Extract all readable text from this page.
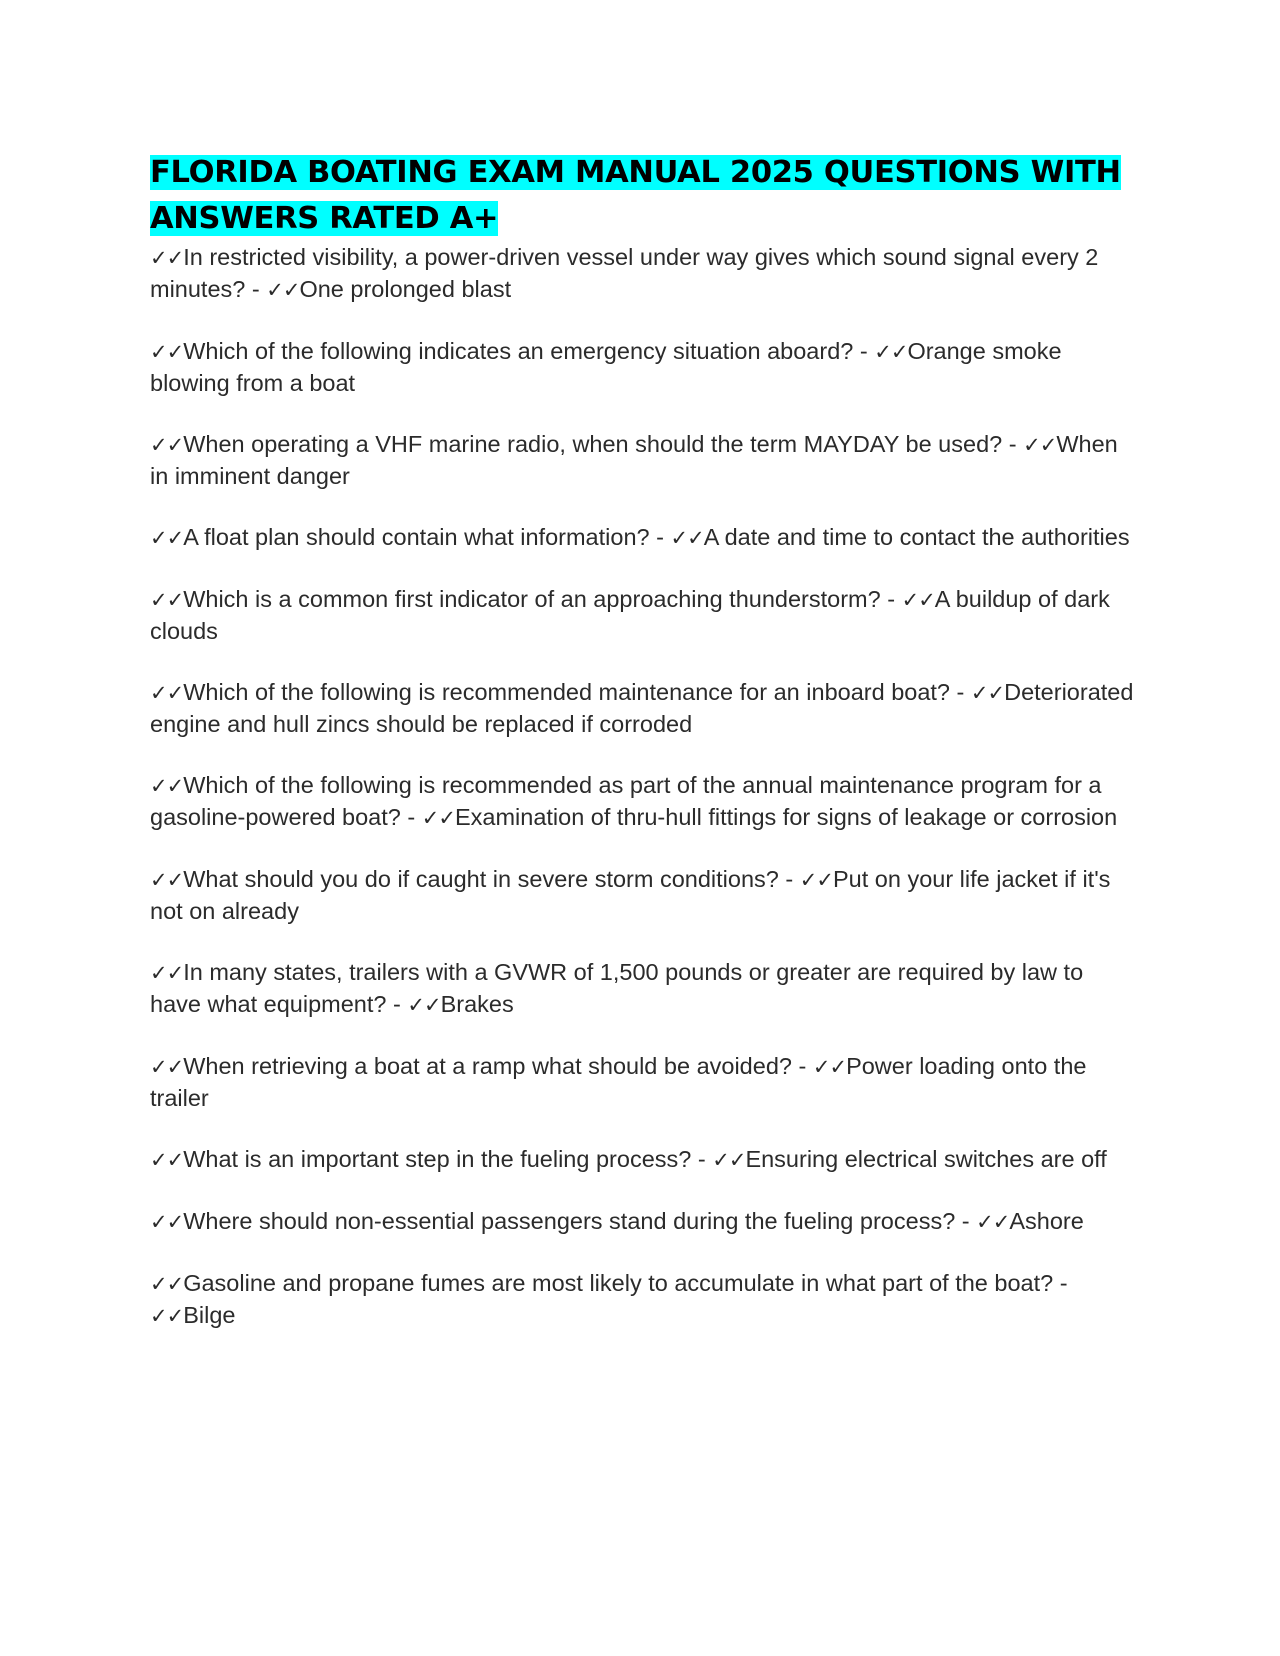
FLORIDA BOATING EXAM MANUAL 2025 QUESTIONS WITH ANSWERS RATED A+

✓✓In restricted visibility, a power-driven vessel under way gives which sound signal every 2 minutes? - ✓✓One prolonged blast

✓✓Which of the following indicates an emergency situation aboard? - ✓✓Orange smoke blowing from a boat

✓✓When operating a VHF marine radio, when should the term MAYDAY be used? - ✓✓When in imminent danger

✓✓A float plan should contain what information? - ✓✓A date and time to contact the authorities

✓✓Which is a common first indicator of an approaching thunderstorm? - ✓✓A buildup of dark clouds

✓✓Which of the following is recommended maintenance for an inboard boat? - ✓✓Deteriorated engine and hull zincs should be replaced if corroded

✓✓Which of the following is recommended as part of the annual maintenance program for a gasoline-powered boat? - ✓✓Examination of thru-hull fittings for signs of leakage or corrosion

✓✓What should you do if caught in severe storm conditions? - ✓✓Put on your life jacket if it's not on already

✓✓In many states, trailers with a GVWR of 1,500 pounds or greater are required by law to have what equipment? - ✓✓Brakes

✓✓When retrieving a boat at a ramp what should be avoided? - ✓✓Power loading onto the trailer

✓✓What is an important step in the fueling process? - ✓✓Ensuring electrical switches are off

✓✓Where should non-essential passengers stand during the fueling process? - ✓✓Ashore

✓✓Gasoline and propane fumes are most likely to accumulate in what part of the boat? - ✓✓Bilge
